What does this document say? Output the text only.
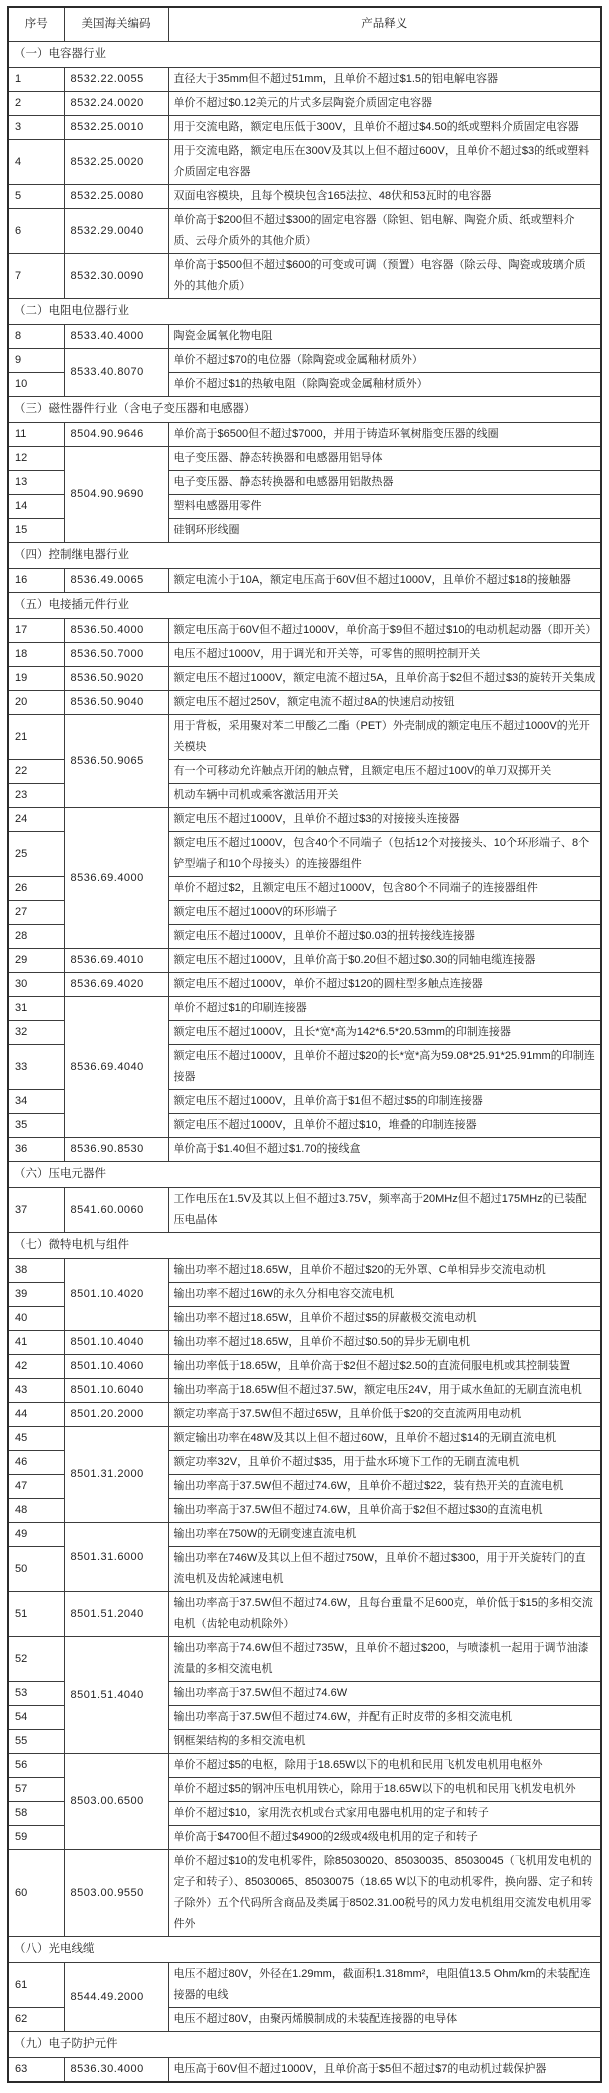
序号	美国海关编码	产品释义
（一）电容器行业		
1	8532.22.0055	直径大于35mm但不超过51mm，且单价不超过$1.5的铝电解电容器
2	8532.24.0020	单价不超过$0.12美元的片式多层陶瓷介质固定电容器
3	8532.25.0010	用于交流电路，额定电压低于300V，且单价不超过$4.50的纸或塑料介质固定电容器
4	8532.25.0020	用于交流电路，额定电压在300V及其以上但不超过600V，且单价不超过$3的纸或塑料介质固定电容器
5	8532.25.0080	双面电容模块，且每个模块包含165法拉、48伏和53瓦时的电容器
6	8532.29.0040	单价高于$200但不超过$300的固定电容器（除钽、铝电解、陶瓷介质、纸或塑料介质、云母介质外的其他介质）
7	8532.30.0090	单价高于$500但不超过$600的可变或可调（预置）电容器（除云母、陶瓷或玻璃介质外的其他介质）
（二）电阻电位器行业		
8	8533.40.4000	陶瓷金属氧化物电阻
9	8533.40.8070	单价不超过$70的电位器（除陶瓷或金属釉材质外）
10		单价不超过$1的热敏电阻（除陶瓷或金属釉材质外）
（三）磁性器件行业（含电子变压器和电感器）		
11	8504.90.9646	单价高于$6500但不超过$7000，并用于铸造环氧树脂变压器的线圈
12	8504.90.9690	电子变压器、静态转换器和电感器用铝导体
13		电子变压器、静态转换器和电感器用铝散热器
14		塑料电感器用零件
15		硅钢环形线圈
（四）控制继电器行业		
16	8536.49.0065	额定电流小于10A，额定电压高于60V但不超过1000V，且单价不超过$18的接触器
（五）电接插元件行业		
17	8536.50.4000	额定电压高于60V但不超过1000V，单价高于$9但不超过$10的电动机起动器（即开关）
18	8536.50.7000	电压不超过1000V，用于调光和开关等，可零售的照明控制开关
19	8536.50.9020	额定电压不超过1000V，额定电流不超过5A，且单价高于$2但不超过$3的旋转开关集成
20	8536.50.9040	额定电压不超过250V，额定电流不超过8A的快速启动按钮
21	8536.50.9065	用于背板，采用聚对苯二甲酸乙二酯（PET）外壳制成的额定电压不超过1000V的光开关模块
22		有一个可移动允许触点开闭的触点臂，且额定电压不超过100V的单刀双掷开关
23		机动车辆中司机或乘客激活用开关
24	8536.69.4000	额定电压不超过1000V，且单价不超过$3的对接接头连接器
25		额定电压不超过1000V，包含40个不同端子（包括12个对接接头、10个环形端子、8个铲型端子和10个母接头）的连接器组件
26		单价不超过$2，且额定电压不超过1000V，包含80个不同端子的连接器组件
27		额定电压不超过1000V的环形端子
28		额定电压不超过1000V，且单价不超过$0.03的扭转接线连接器
29	8536.69.4010	额定电压不超过1000V，且单价高于$0.20但不超过$0.30的同轴电缆连接器
30	8536.69.4020	额定电压不超过1000V，单价不超过$120的圆柱型多触点连接器
31	8536.69.4040	单价不超过$1的印刷连接器
32		额定电压不超过1000V，且长*宽*高为142*6.5*20.53mm的印制连接器
33		额定电压不超过1000V，且单价不超过$20的长*宽*高为59.08*25.91*25.91mm的印制连接器
34		额定电压不超过1000V，且单价高于$1但不超过$5的印制连接器
35		额定电压不超过1000V，且单价不超过$10，堆叠的印制连接器
36	8536.90.8530	单价高于$1.40但不超过$1.70的接线盒
（六）压电元器件		
37	8541.60.0060	工作电压在1.5V及其以上但不超过3.75V，频率高于20MHz但不超过175MHz的已装配压电晶体
（七）微特电机与组件		
38	8501.10.4020	输出功率不超过18.65W，且单价不超过$20的无外罩、C单相异步交流电动机
39		输出功率不超过16W的永久分相电容交流电机
40		输出功率不超过18.65W，且单价不超过$5的屏蔽极交流电动机
41	8501.10.4040	输出功率不超过18.65W，且单价不超过$0.50的异步无刷电机
42	8501.10.4060	输出功率低于18.65W，且单价高于$2但不超过$2.50的直流伺服电机或其控制装置
43	8501.10.6040	输出功率高于18.65W但不超过37.5W，额定电压24V，用于咸水鱼缸的无刷直流电机
44	8501.20.2000	额定功率高于37.5W但不超过65W，且单价低于$20的交直流两用电动机
45	8501.31.2000	额定输出功率在48W及其以上但不超过60W，且单价不超过$14的无刷直流电机
46		额定功率32V，且单价不超过$35，用于盐水环境下工作的无刷直流电机
47		输出功率高于37.5W但不超过74.6W，且单价不超过$22，装有热开关的直流电机
48		输出功率高于37.5W但不超过74.6W，且单价高于$2但不超过$30的直流电机
49	8501.31.6000	输出功率在750W的无刷变速直流电机
50		输出功率在746W及其以上但不超过750W，且单价不超过$300，用于开关旋转门的直流电机及齿轮减速电机
51	8501.51.2040	输出功率高于37.5W但不超过74.6W，且每台重量不足600克，单价低于$15的多相交流电机（齿轮电动机除外）
52	8501.51.4040	输出功率高于74.6W但不超过735W，且单价不超过$200，与喷漆机一起用于调节油漆流量的多相交流电机
53		输出功率高于37.5W但不超过74.6W
54		输出功率高于37.5W但不超过74.6W，并配有正时皮带的多相交流电机
55		钢框架结构的多相交流电机
56	8503.00.6500	单价不超过$5的电枢，除用于18.65W以下的电机和民用飞机发电机用电枢外
57		单价不超过$5的钢冲压电机用铁心，除用于18.65W以下的电机和民用飞机发电机外
58		单价不超过$10，家用洗衣机或台式家用电器电机用的定子和转子
59		单价高于$4700但不超过$4900的2级或4级电机用的定子和转子
60	8503.00.9550	单价不超过$10的发电机零件，除85030020、85030035、85030045（飞机用发电机的定子和转子）、85030065、85030075（18.65 W以下的电动机零件，换向器、定子和转子除外）五个代码所含商品及类属于8502.31.00税号的风力发电机组用交流发电机用零件外
（八）光电线缆		
61	8544.49.2000	电压不超过80V，外径在1.29mm，截面积1.318mm²，电阻值13.5 Ohm/km的未装配连接器的电线
62		电压不超过80V，由聚丙烯膜制成的未装配连接器的电导体
（九）电子防护元件		
63	8536.30.4000	电压高于60V但不超过1000V，且单价高于$5但不超过$7的电动机过载保护器
